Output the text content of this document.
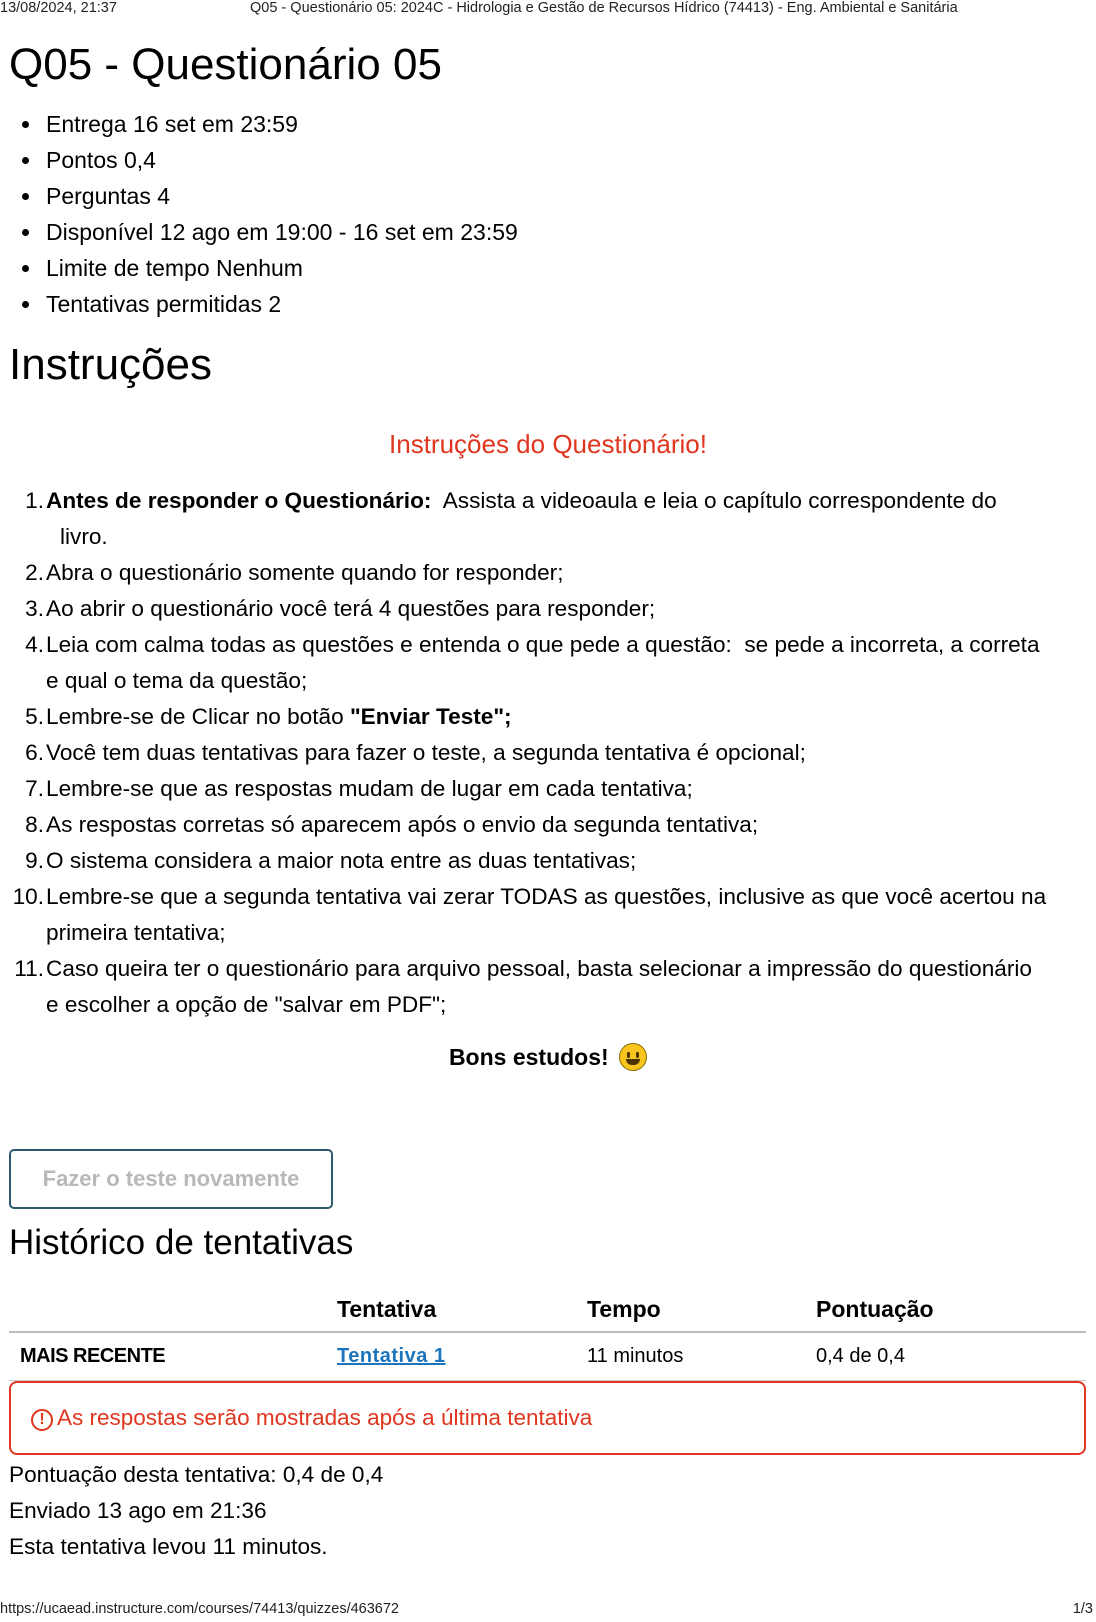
13/08/2024, 21:37	Q05 - Questionário 05: 2024C - Hidrologia e Gestão de Recursos Hídrico (74413) - Eng. Ambiental e Sanitária
Q05 - Questionário 05
Entrega 16 set em 23:59
Pontos 0,4
Perguntas 4
Disponível 12 ago em 19:00 - 16 set em 23:59
Limite de tempo Nenhum
Tentativas permitidas 2
Instruções
Instruções do Questionário!
1. Antes de responder o Questionário:  Assista a videoaula e leia o capítulo correspondente do
livro.
2. Abra o questionário somente quando for responder;
3. Ao abrir o questionário você terá 4 questões para responder;
4. Leia com calma todas as questões e entenda o que pede a questão:  se pede a incorreta, a correta
e qual o tema da questão;
5. Lembre-se de Clicar no botão "Enviar Teste";
6. Você tem duas tentativas para fazer o teste, a segunda tentativa é opcional;
7. Lembre-se que as respostas mudam de lugar em cada tentativa;
8. As respostas corretas só aparecem após o envio da segunda tentativa;
9. O sistema considera a maior nota entre as duas tentativas;
10. Lembre-se que a segunda tentativa vai zerar TODAS as questões, inclusive as que você acertou na
primeira tentativa;
11. Caso queira ter o questionário para arquivo pessoal, basta selecionar a impressão do questionário
e escolher a opção de "salvar em PDF";
Bons estudos!
Fazer o teste novamente
Histórico de tentativas
	Tentativa	Tempo	Pontuação
MAIS RECENTE	Tentativa 1	11 minutos	0,4 de 0,4
! As respostas serão mostradas após a última tentativa
Pontuação desta tentativa: 0,4 de 0,4
Enviado 13 ago em 21:36
Esta tentativa levou 11 minutos.
https://ucaead.instructure.com/courses/74413/quizzes/463672	1/3
